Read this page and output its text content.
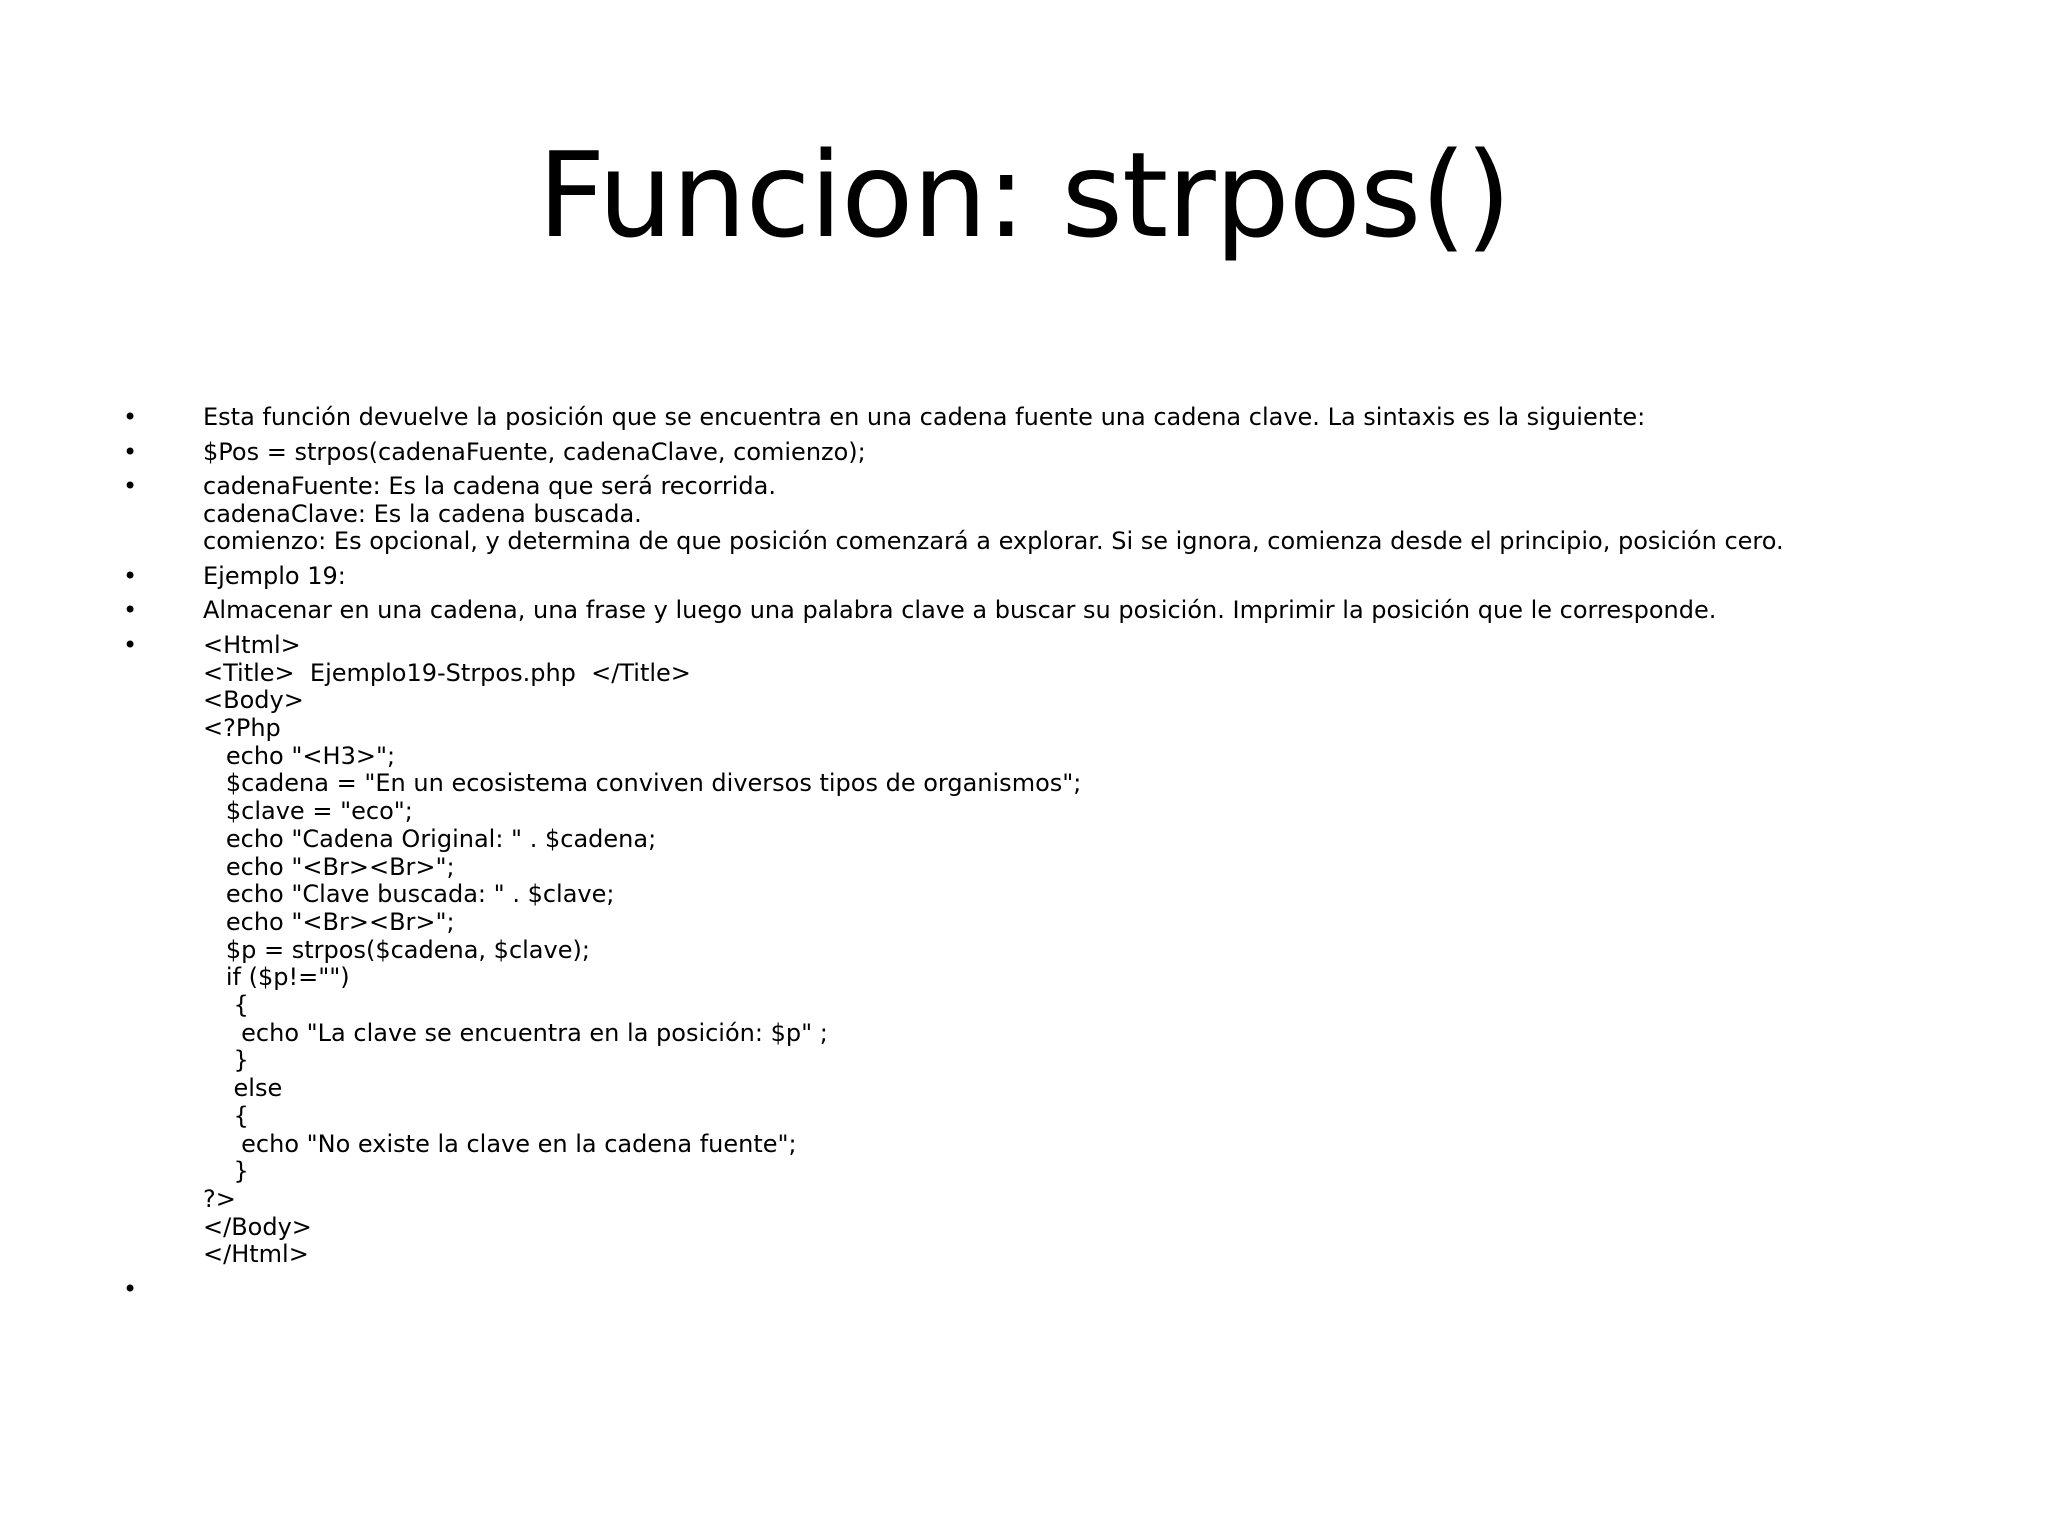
Funcion: strpos()
•	Esta función devuelve la posición que se encuentra en una cadena fuente una cadena clave. La sintaxis es la siguiente:
•	$Pos = strpos(cadenaFuente, cadenaClave, comienzo);
•	cadenaFuente: Es la cadena que será recorrida.
cadenaClave: Es la cadena buscada.
comienzo: Es opcional, y determina de que posición comenzará a explorar. Si se ignora, comienza desde el principio, posición cero.
•	Ejemplo 19:
•	Almacenar en una cadena, una frase y luego una palabra clave a buscar su posición. Imprimir la posición que le corresponde.
•	<Html>
<Title>  Ejemplo19-Strpos.php  </Title>
<Body>
<?Php
echo "<H3>";
$cadena = "En un ecosistema conviven diversos tipos de organismos";
$clave = "eco";
echo "Cadena Original: " . $cadena;
echo "<Br><Br>";
echo "Clave buscada: " . $clave;
echo "<Br><Br>";
$p = strpos($cadena, $clave);
if ($p!="")
{
echo "La clave se encuentra en la posición: $p" ;
}
else
{
echo "No existe la clave en la cadena fuente";
}
?>
</Body>
</Html>
•
